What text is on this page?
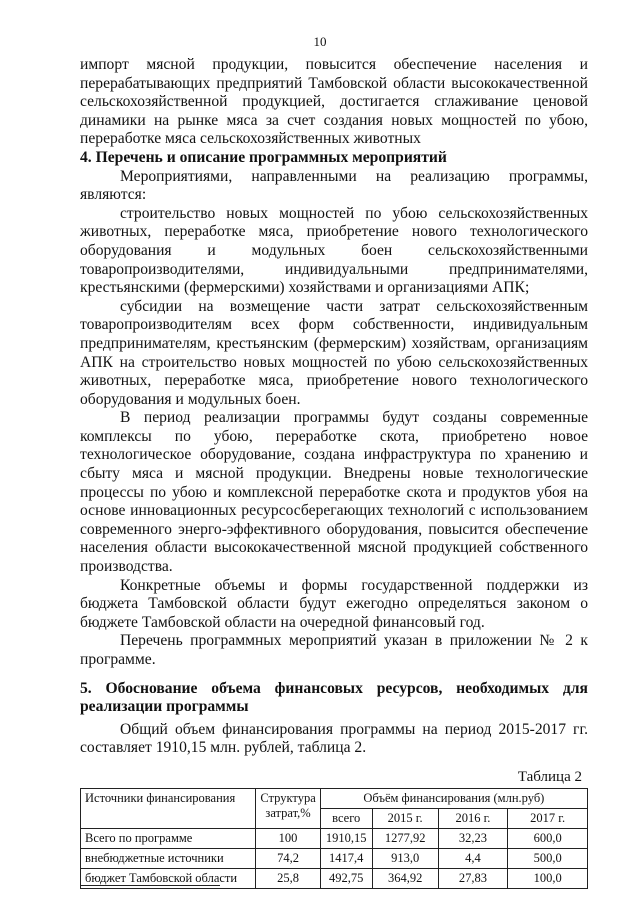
10

импорт мясной продукции, повысится обеспечение населения и перерабатывающих предприятий Тамбовской области высококачественной сельскохозяйственной продукцией, достигается сглаживание ценовой динамики на рынке мяса за счет создания новых мощностей по убою, переработке мяса сельскохозяйственных животных

4. Перечень и описание программных мероприятий

Мероприятиями, направленными на реализацию программы, являются:

строительство новых мощностей по убою сельскохозяйственных животных, переработке мяса, приобретение нового технологического оборудования и модульных боен сельскохозяйственными товаропроизводителями, индивидуальными предпринимателями, крестьянскими (фермерскими) хозяйствами и организациями АПК;

субсидии на возмещение части затрат сельскохозяйственным товаропроизводителям всех форм собственности, индивидуальным предпринимателям, крестьянским (фермерским) хозяйствам, организациям АПК на строительство новых мощностей по убою сельскохозяйственных животных, переработке мяса, приобретение нового технологического оборудования и модульных боен.

В период реализации программы будут созданы современные комплексы по убою, переработке скота, приобретено новое технологическое оборудование, создана инфраструктура по хранению и сбыту мяса и мясной продукции. Внедрены новые технологические процессы по убою и комплексной переработке скота и продуктов убоя на основе инновационных ресурсосберегающих технологий с использованием современного энерго-эффективного оборудования, повысится обеспечение населения области высококачественной мясной продукцией собственного производства.

Конкретные объемы и формы государственной поддержки из бюджета Тамбовской области будут ежегодно определяться законом о бюджете Тамбовской области на очередной финансовый год.

Перечень программных мероприятий указан в приложении № 2 к программе.

5. Обоснование объема финансовых ресурсов, необходимых для реализации программы

Общий объем финансирования программы на период 2015-2017 гг. составляет 1910,15 млн. рублей, таблица 2.

Таблица 2
Источники финансирования	Структура затрат,%	Объём финансирования (млн.руб)			
		всего	2015 г.	2016 г.	2017 г.
Всего по программе	100	1910,15	1277,92	32,23	600,0
внебюджетные источники	74,2	1417,4	913,0	4,4	500,0
бюджет Тамбовской области	25,8	492,75	364,92	27,83	100,0
